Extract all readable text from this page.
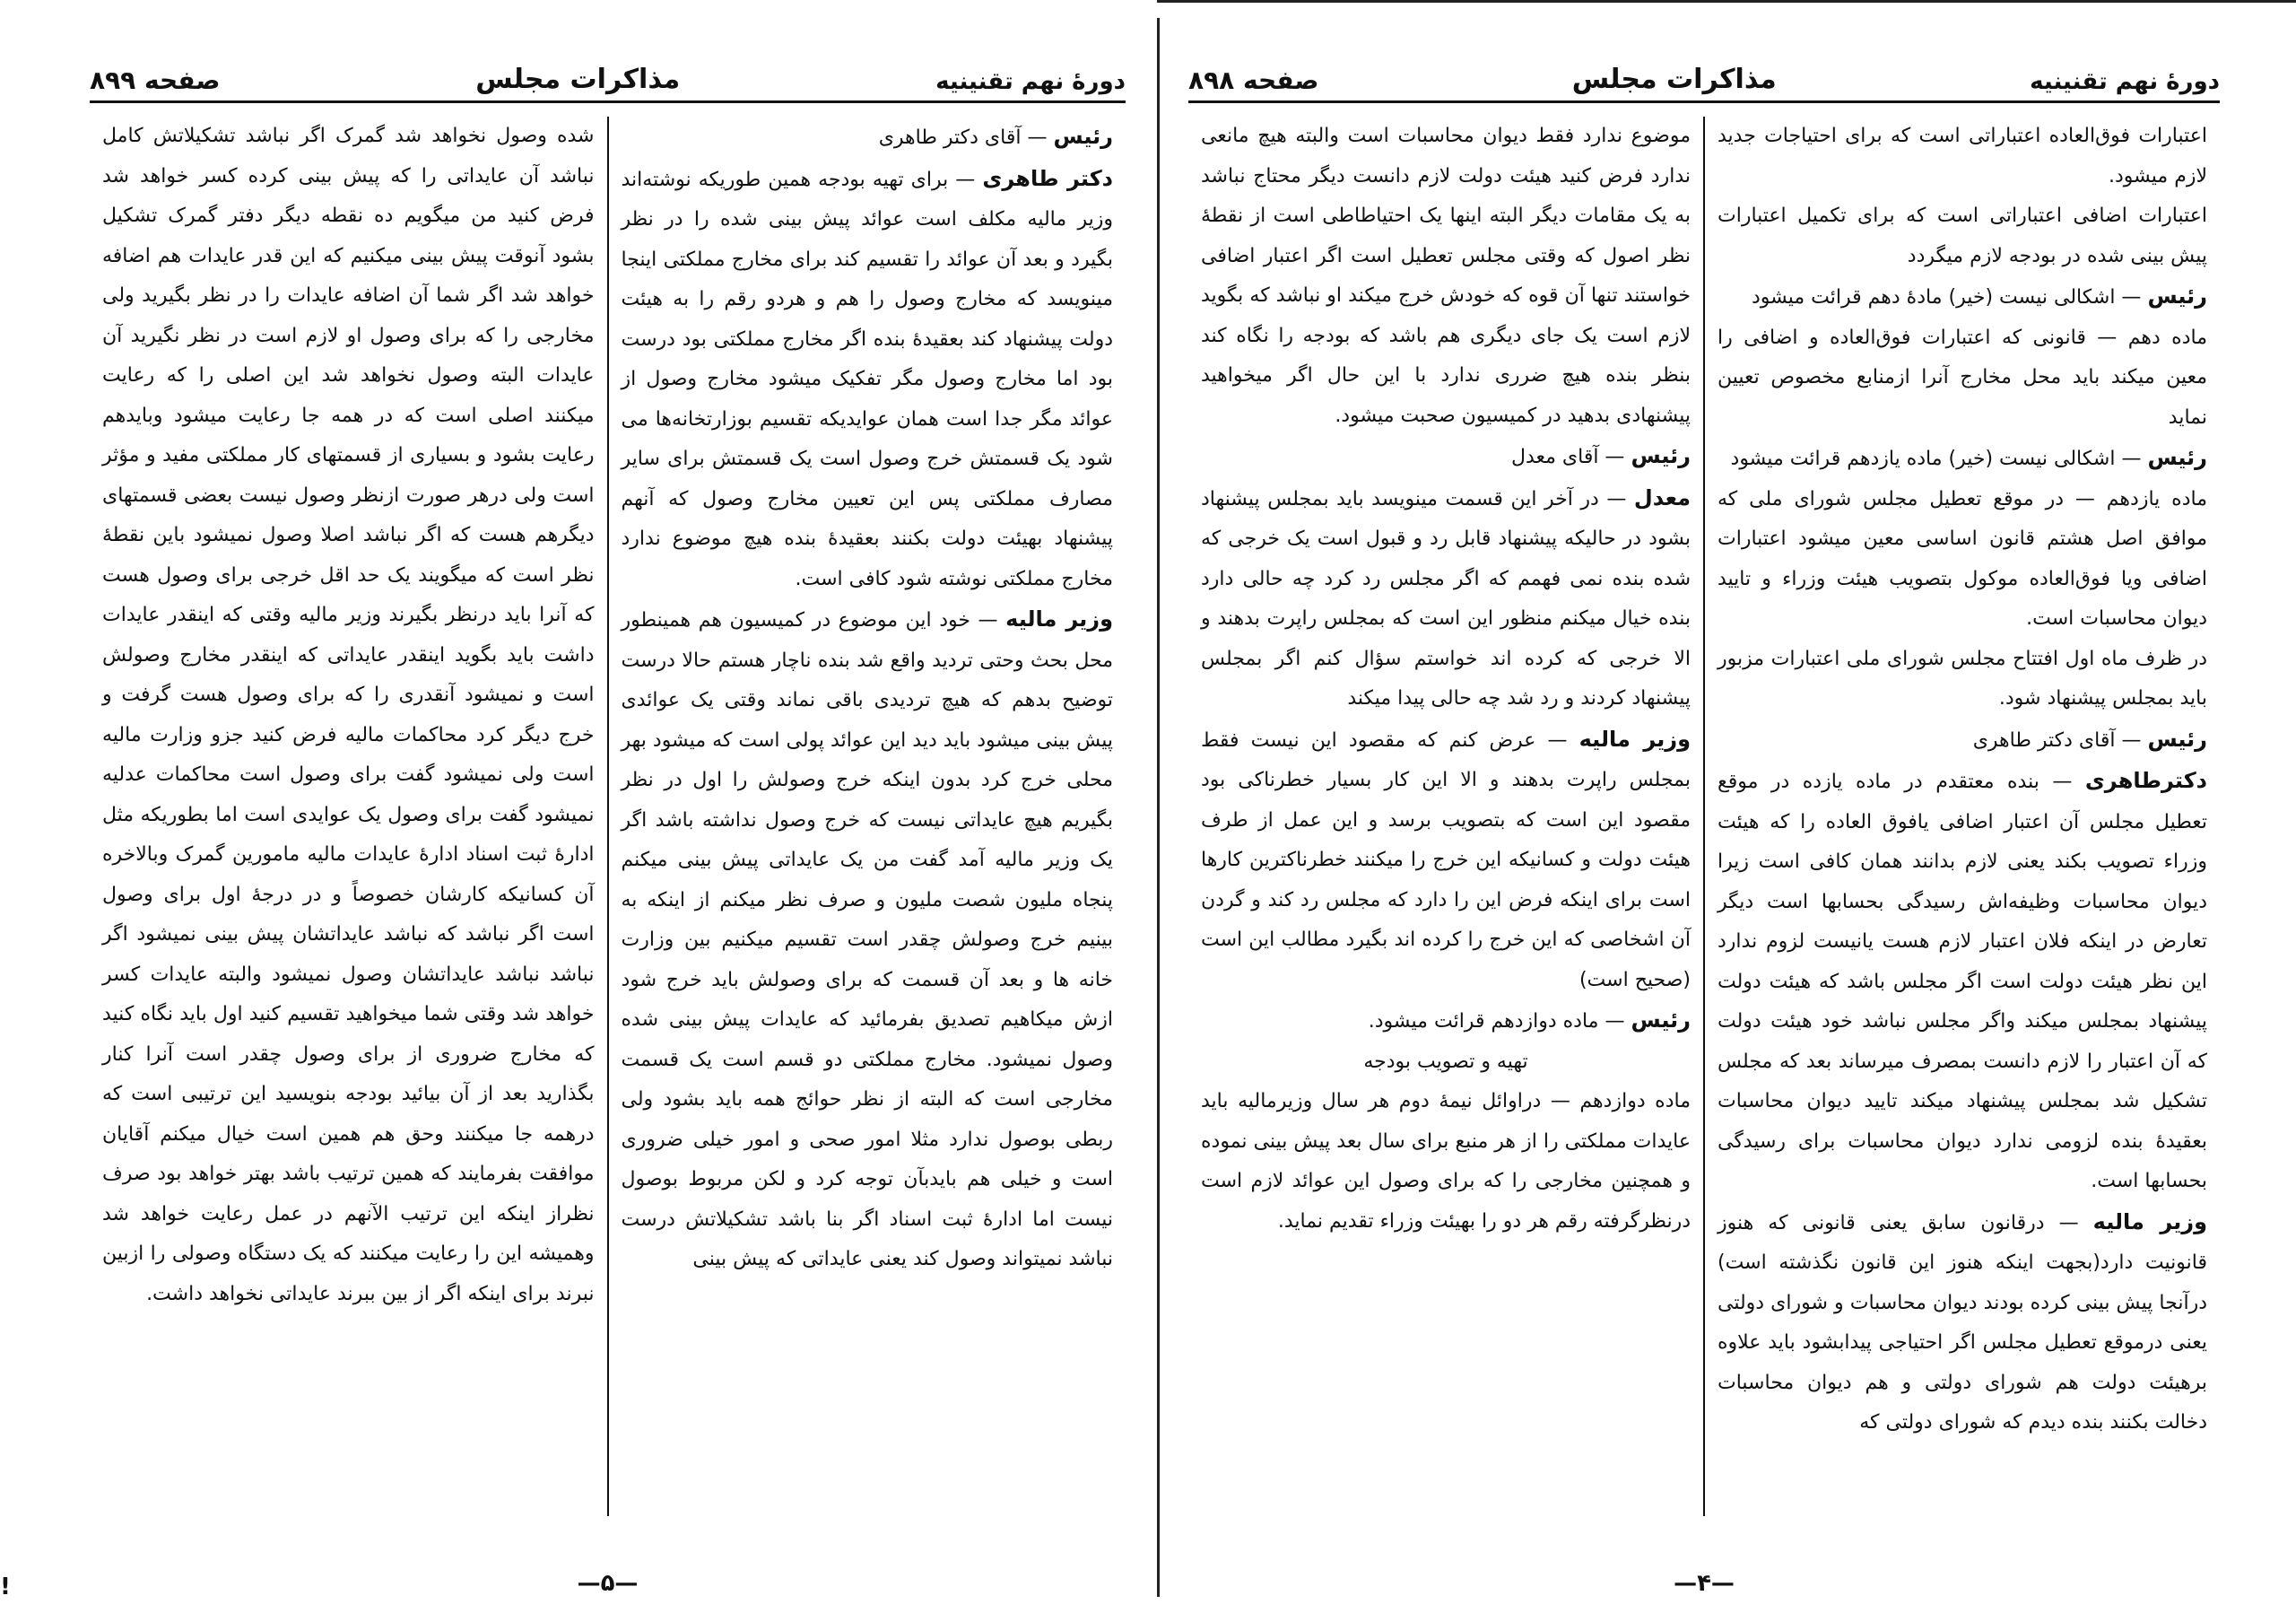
دورهٔ نهم تقنینیه
مذاکرات مجلس
صفحه ۸۹۹

رئیس — آقای دکتر طاهری

دکتر طاهری — برای تهیه بودجه همین طوریکه نوشته‌اند وزیر مالیه مکلف است عوائد پیش بینی شده را در نظر بگیرد و بعد آن عوائد را تقسیم کند برای مخارج مملکتی اینجا مینویسد که مخارج وصول را هم و هردو رقم را به هیئت دولت پیشنهاد کند بعقیدهٔ بنده اگر مخارج مملکتی بود درست بود اما مخارج وصول مگر تفکیک میشود مخارج وصول از عوائد مگر جدا است همان عوایدیکه تقسیم بوزارتخانه‌ها می شود یک قسمتش خرج وصول است یک قسمتش برای سایر مصارف مملکتی پس این تعیین مخارج وصول که آنهم پیشنهاد بهیئت دولت بکنند بعقیدهٔ بنده هیچ موضوع ندارد مخارج مملکتی نوشته شود کافی است.

وزیر مالیه — خود این موضوع در کمیسیون هم همینطور محل بحث وحتی تردید واقع شد بنده ناچار هستم حالا درست توضیح بدهم که هیچ تردیدی باقی نماند وقتی یک عوائدی پیش بینی میشود باید دید این عوائد پولی است که میشود بهر محلی خرج کرد بدون اینکه خرج وصولش را اول در نظر بگیریم هیچ عایداتی نیست که خرج وصول نداشته باشد اگر یک وزیر مالیه آمد گفت من یک عایداتی پیش بینی میکنم پنجاه ملیون شصت ملیون و صرف نظر میکنم از اینکه به بینیم خرج وصولش چقدر است تقسیم میکنیم بین وزارت خانه ها و بعد آن قسمت که برای وصولش باید خرج شود ازش میکاهیم تصدیق بفرمائید که عایدات پیش بینی شده وصول نمیشود. مخارج مملکتی دو قسم است یک قسمت مخارجی است که البته از نظر حوائج همه باید بشود ولی ربطی بوصول ندارد مثلا امور صحی و امور خیلی ضروری است و خیلی هم بایدبآن توجه کرد و لکن مربوط بوصول نیست اما ادارهٔ ثبت اسناد اگر بنا باشد تشکیلاتش درست نباشد نمیتواند وصول کند یعنی عایداتی که پیش بینی

شده وصول نخواهد شد گمرک اگر نباشد تشکیلاتش کامل نباشد آن عایداتی را که پیش بینی کرده کسر خواهد شد فرض کنید من میگویم ده نقطه دیگر دفتر گمرک تشکیل بشود آنوقت پیش بینی میکنیم که این قدر عایدات هم اضافه خواهد شد اگر شما آن اضافه عایدات را در نظر بگیرید ولی مخارجی را که برای وصول او لازم است در نظر نگیرید آن عایدات البته وصول نخواهد شد این اصلی را که رعایت میکنند اصلی است که در همه جا رعایت میشود وبایدهم رعایت بشود و بسیاری از قسمتهای کار مملکتی مفید و مؤثر است ولی درهر صورت ازنظر وصول نیست بعضی قسمتهای دیگرهم هست که اگر نباشد اصلا وصول نمیشود باین نقطهٔ نظر است که میگویند یک حد اقل خرجی برای وصول هست که آنرا باید درنظر بگیرند وزیر مالیه وقتی که اینقدر عایدات داشت باید بگوید اینقدر عایداتی که اینقدر مخارج وصولش است و نمیشود آنقدری را که برای وصول هست گرفت و خرج دیگر کرد محاکمات مالیه فرض کنید جزو وزارت مالیه است ولی نمیشود گفت برای وصول است محاکمات عدلیه نمیشود گفت برای وصول یک عوایدی است اما بطوریکه مثل ادارهٔ ثبت اسناد ادارهٔ عایدات مالیه مامورین گمرک وبالاخره آن کسانیکه کارشان خصوصاً و در درجهٔ اول برای وصول است اگر نباشد که نباشد عایداتشان پیش بینی نمیشود اگر نباشد نباشد عایداتشان وصول نمیشود والبته عایدات کسر خواهد شد وقتی شما میخواهید تقسیم کنید اول باید نگاه کنید که مخارج ضروری از برای وصول چقدر است آنرا کنار بگذارید بعد از آن بیائید بودجه بنویسید این ترتیبی است که درهمه جا میکنند وحق هم همین است خیال میکنم آقایان موافقت بفرمایند که همین ترتیب باشد بهتر خواهد بود صرف نظراز اینکه این ترتیب الآنهم در عمل رعایت خواهد شد وهمیشه این را رعایت میکنند که یک دستگاه وصولی را ازبین نبرند برای اینکه اگر از بین ببرند عایداتی نخواهد داشت.

—۵—
دورهٔ نهم تقنینیه
مذاکرات مجلس
صفحه ۸۹۸

اعتبارات فوق‌العاده اعتباراتی است که برای احتیاجات جدید لازم میشود.

اعتبارات اضافی اعتباراتی است که برای تکمیل اعتبارات پیش بینی شده در بودجه لازم میگردد

رئیس — اشکالی نیست (خیر) مادهٔ دهم قرائت میشود

ماده دهم — قانونی که اعتبارات فوق‌العاده و اضافی را معین میکند باید محل مخارج آنرا ازمنابع مخصوص تعیین نماید

رئیس — اشکالی نیست (خیر) ماده یازدهم قرائت میشود

ماده یازدهم — در موقع تعطیل مجلس شورای ملی که موافق اصل هشتم قانون اساسی معین میشود اعتبارات اضافی ویا فوق‌العاده موکول بتصویب هیئت وزراء و تایید دیوان محاسبات است.

در ظرف ماه اول افتتاح مجلس شورای ملی اعتبارات مزبور باید بمجلس پیشنهاد شود.

رئیس — آقای دکتر طاهری

دکترطاهری — بنده معتقدم در ماده یازده در موقع تعطیل مجلس آن اعتبار اضافی یافوق العاده را که هیئت وزراء تصویب بکند یعنی لازم بدانند همان کافی است زیرا دیوان محاسبات وظیفه‌اش رسیدگی بحسابها است دیگر تعارض در اینکه فلان اعتبار لازم هست یانیست لزوم ندارد این نظر هیئت دولت است اگر مجلس باشد که هیئت دولت پیشنهاد بمجلس میکند واگر مجلس نباشد خود هیئت دولت که آن اعتبار را لازم دانست بمصرف میرساند بعد که مجلس تشکیل شد بمجلس پیشنهاد میکند تایید دیوان محاسبات بعقیدهٔ بنده لزومی ندارد دیوان محاسبات برای رسیدگی بحسابها است.

وزیر مالیه — درقانون سابق یعنی قانونی که هنوز قانونیت دارد(بجهت اینکه هنوز این قانون نگذشته است) درآنجا پیش بینی کرده بودند دیوان محاسبات و شورای دولتی یعنی درموقع تعطیل مجلس اگر احتیاجی پیدابشود باید علاوه برهیئت دولت هم شورای دولتی و هم دیوان محاسبات دخالت بکنند بنده دیدم که شورای دولتی که

موضوع ندارد فقط دیوان محاسبات است والبته هیچ مانعی ندارد فرض کنید هیئت دولت لازم دانست دیگر محتاج نباشد به یک مقامات دیگر البته اینها یک احتیاطاطی است از نقطهٔ نظر اصول که وقتی مجلس تعطیل است اگر اعتبار اضافی خواستند تنها آن قوه که خودش خرج میکند او نباشد که بگوید لازم است یک جای دیگری هم باشد که بودجه را نگاه کند بنظر بنده هیچ ضرری ندارد با این حال اگر میخواهید پیشنهادی بدهید در کمیسیون صحبت میشود.

رئیس — آقای معدل

معدل — در آخر این قسمت مینویسد باید بمجلس پیشنهاد بشود در حالیکه پیشنهاد قابل رد و قبول است یک خرجی که شده بنده نمی فهمم که اگر مجلس رد کرد چه حالی دارد بنده خیال میکنم منظور این است که بمجلس راپرت بدهند و الا خرجی که کرده اند خواستم سؤال کنم اگر بمجلس پیشنهاد کردند و رد شد چه حالی پیدا میکند

وزیر مالیه — عرض کنم که مقصود این نیست فقط بمجلس راپرت بدهند و الا این کار بسیار خطرناکی بود مقصود این است که بتصویب برسد و این عمل از طرف هیئت دولت و کسانیکه این خرج را میکنند خطرناکترین کارها است برای اینکه فرض این را دارد که مجلس رد کند و گردن آن اشخاصی که این خرج را کرده اند بگیرد مطالب این است (صحیح است)

رئیس — ماده دوازدهم قرائت میشود.

تهیه و تصویب بودجه

ماده دوازدهم — دراوائل نیمهٔ دوم هر سال وزیرمالیه باید عایدات مملکتی را از هر منبع برای سال بعد پیش بینی نموده و همچنین مخارجی را که برای وصول این عوائد لازم است درنظرگرفته رقم هر دو را بهیئت وزراء تقدیم نماید.

—۴—
!
